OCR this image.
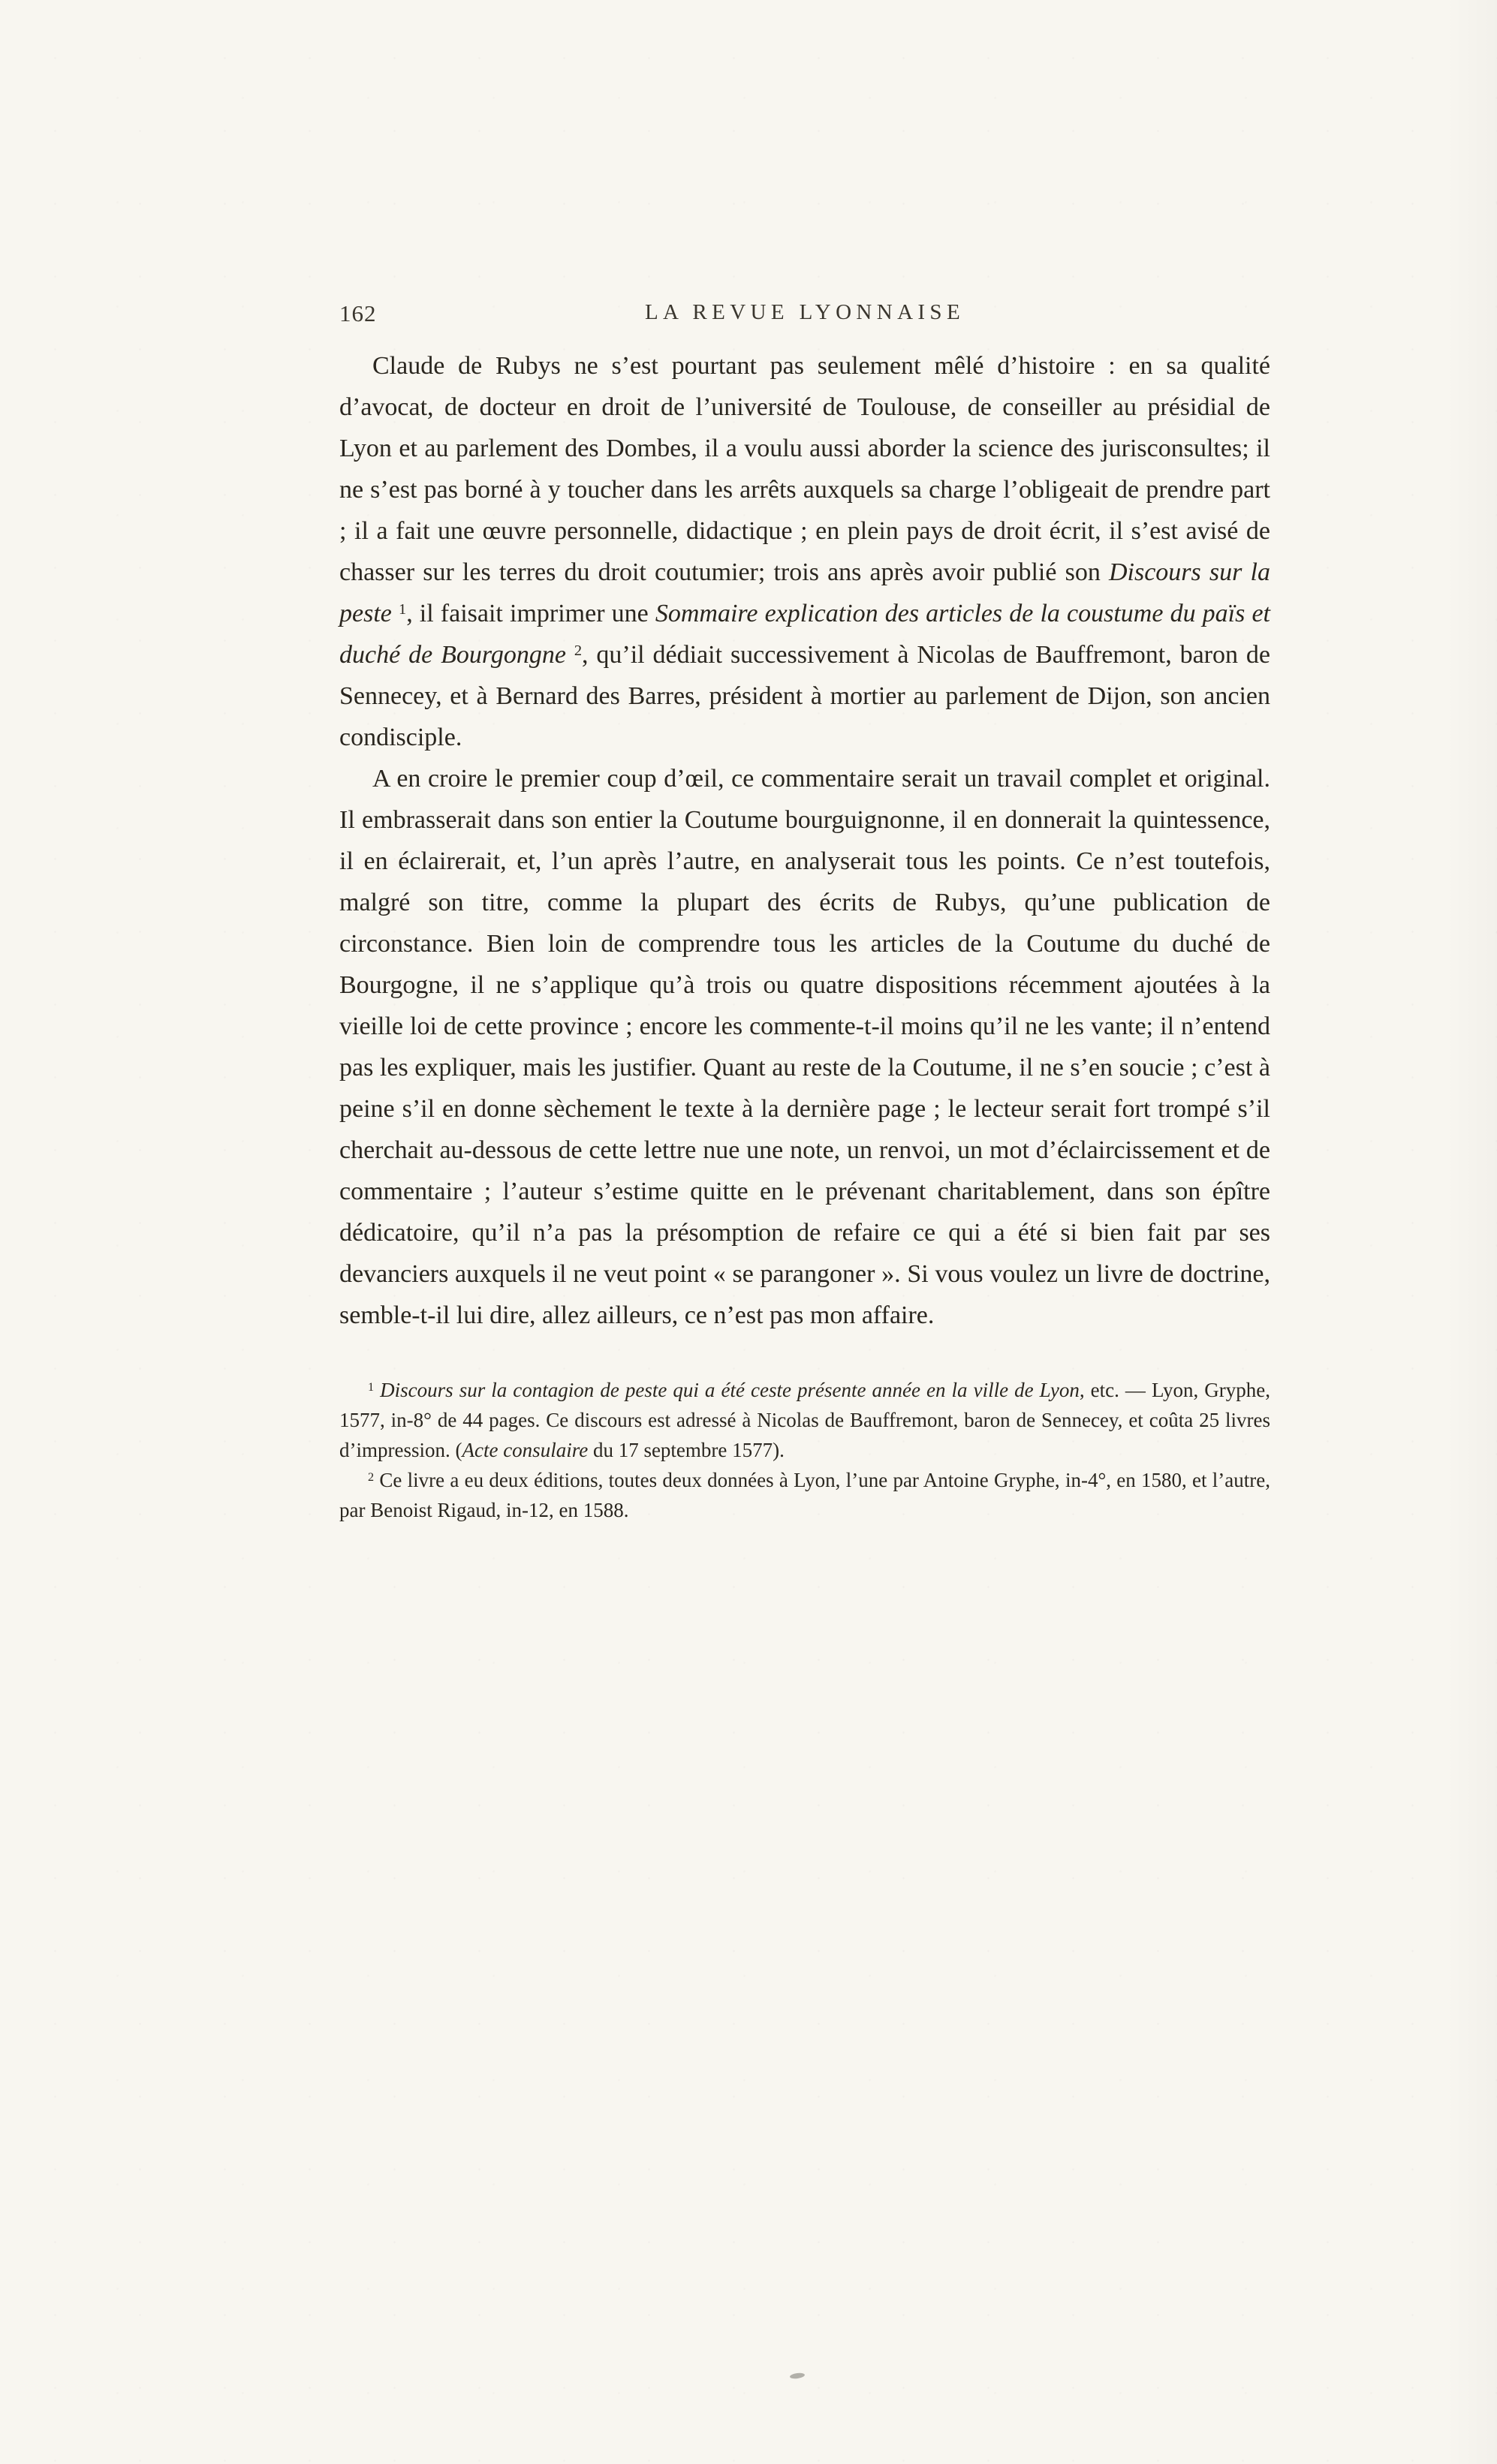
162	LA REVUE LYONNAISE

Claude de Rubys ne s’est pourtant pas seulement mêlé d’histoire : en sa qualité d’avocat, de docteur en droit de l’université de Toulouse, de conseiller au présidial de Lyon et au parlement des Dombes, il a voulu aussi aborder la science des jurisconsultes; il ne s’est pas borné à y toucher dans les arrêts auxquels sa charge l’obligeait de prendre part ; il a fait une œuvre personnelle, didactique ; en plein pays de droit écrit, il s’est avisé de chasser sur les terres du droit coutumier; trois ans après avoir publié son Discours sur la peste $^1$, il faisait imprimer une Sommaire explication des articles de la coustume du païs et duché de Bourgongne $^2$, qu’il dédiait successivement à Nicolas de Bauffremont, baron de Sennecey, et à Bernard des Barres, président à mortier au parlement de Dijon, son ancien condisciple.

A en croire le premier coup d’œil, ce commentaire serait un travail complet et original. Il embrasserait dans son entier la Coutume bourguignonne, il en donnerait la quintessence, il en éclairerait, et, l’un après l’autre, en analyserait tous les points. Ce n’est toutefois, malgré son titre, comme la plupart des écrits de Rubys, qu’une publication de circonstance. Bien loin de comprendre tous les articles de la Coutume du duché de Bourgogne, il ne s’applique qu’à trois ou quatre dispositions récemment ajoutées à la vieille loi de cette province ; encore les commente-t-il moins qu’il ne les vante; il n’entend pas les expliquer, mais les justifier. Quant au reste de la Coutume, il ne s’en soucie ; c’est à peine s’il en donne sèchement le texte à la dernière page ; le lecteur serait fort trompé s’il cherchait au-dessous de cette lettre nue une note, un renvoi, un mot d’éclaircissement et de commentaire ; l’auteur s’estime quitte en le prévenant charitablement, dans son épître dédicatoire, qu’il n’a pas la présomption de refaire ce qui a été si bien fait par ses devanciers auxquels il ne veut point « se parangoner ». Si vous voulez un livre de doctrine, semble-t-il lui dire, allez ailleurs, ce n’est pas mon affaire.

$^1$ Discours sur la contagion de peste qui a été ceste présente année en la ville de Lyon, etc. — Lyon, Gryphe, 1577, in-8° de 44 pages. Ce discours est adressé à Nicolas de Bauffremont, baron de Sennecey, et coûta 25 livres d’impression. (Acte consulaire du 17 septembre 1577).

$^2$ Ce livre a eu deux éditions, toutes deux données à Lyon, l’une par Antoine Gryphe, in-4°, en 1580, et l’autre, par Benoist Rigaud, in-12, en 1588.
